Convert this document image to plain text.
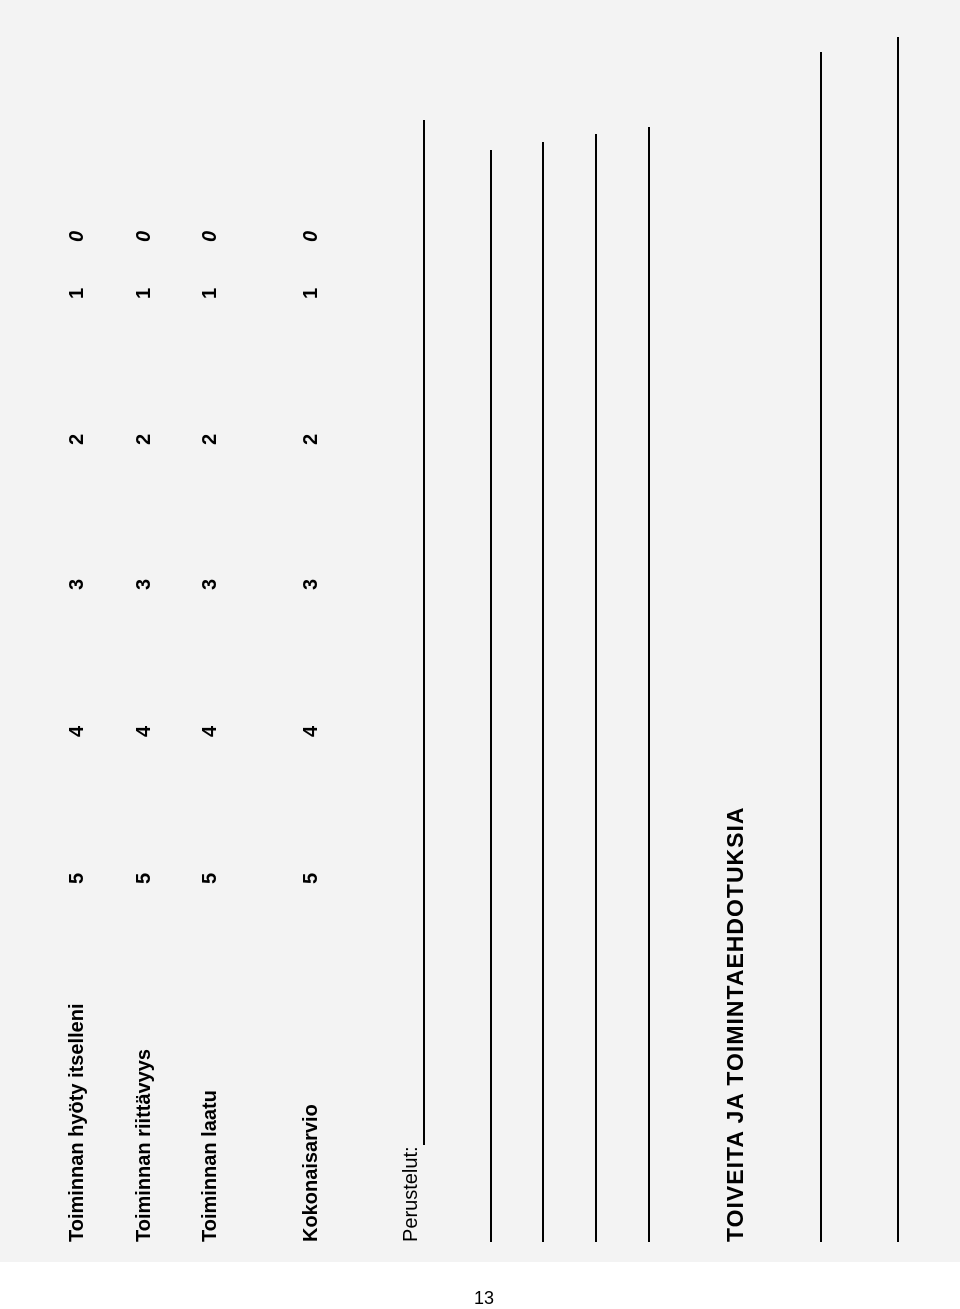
Toiminnan hyöty itselleni
5
4
3
2
1
0
Toiminnan riittävyys
5
4
3
2
1
0
Toiminnan laatu
5
4
3
2
1
0
Kokonaisarvio
5
4
3
2
1
0
Perustelut:	TOIVEITA JA TOIMINTAEHDOTUKSIA
13
